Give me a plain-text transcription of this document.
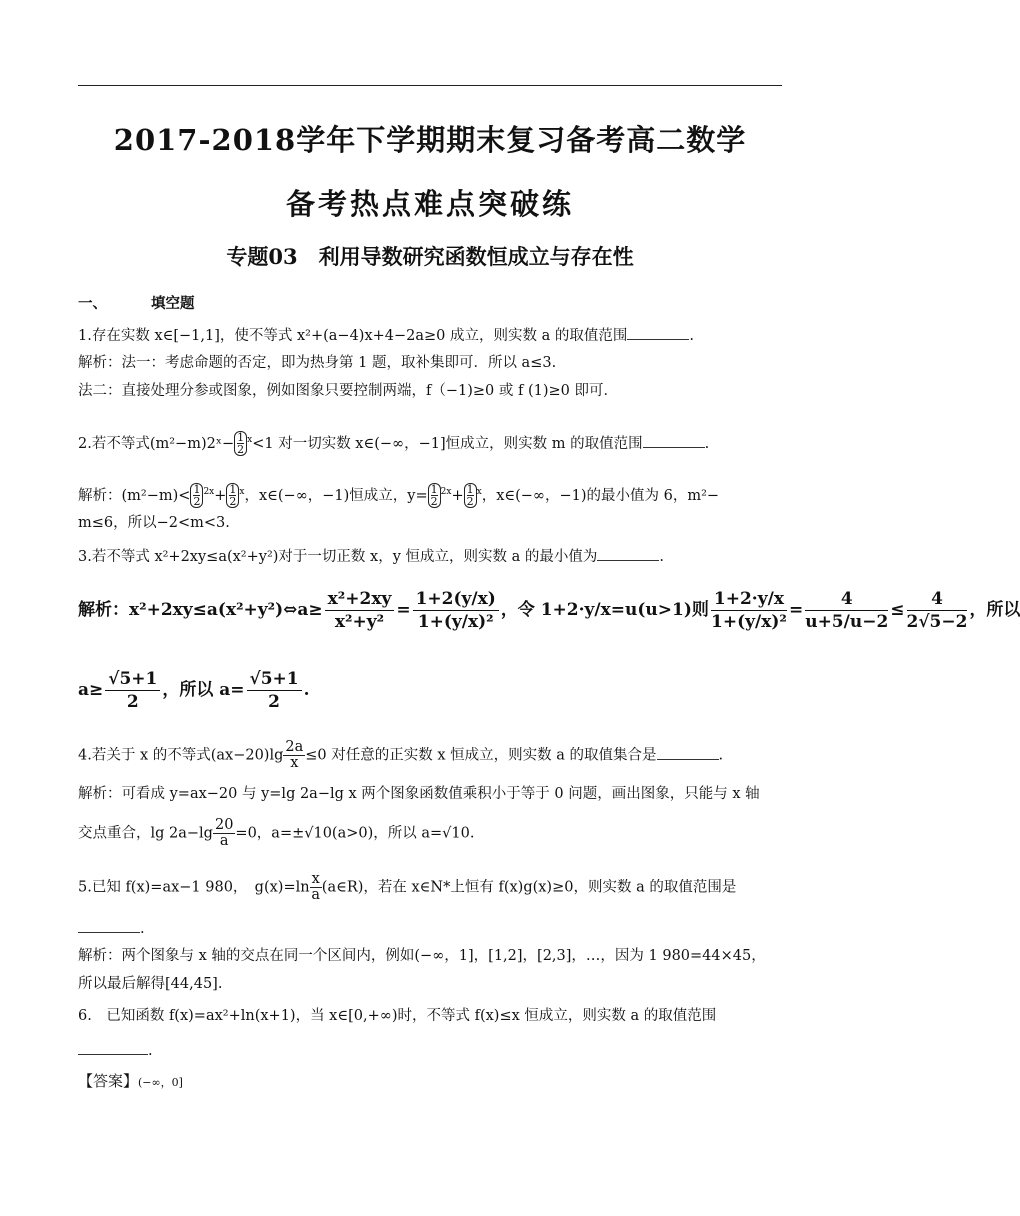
2017-2018学年下学期期末复习备考高二数学
备考热点难点突破练
专题03　利用导数研究函数恒成立与存在性
一、	填空题
1.存在实数 x∈[−1,1]，使不等式 x²+(a−4)x+4−2a≥0 成立，则实数 a 的取值范围	.
解析：法一：考虑命题的否定，即为热身第 1 题，取补集即可．所以 a≤3.
法二：直接处理分参或图象，例如图象只要控制两端，f（−1)≥0 或 f (1)≥0 即可．
2.若不等式(m²−m)2ˣ− $\frac{1}{2} ^x<1$ 对一切实数 x∈(−∞，−1]恒成立，则实数 m 的取值范围	.
解析：$(m^2-m)< \frac{1}{2} ^{2x}+ \frac{1}{2} ^x$，x∈(−∞，−1)恒成立，$y= \frac{1}{2} ^{2x}+ \frac{1}{2} ^x$，x∈(−∞，−1)的最小值为 6，m²−
m≤6，所以−2<m<3.
3.若不等式 x²+2xy≤a(x²+y²)对于一切正数 x，y 恒成立，则实数 a 的最小值为	.
解析：x²+2xy≤a(x²+y²)⇔a≥ $\frac{\text{x²+2xy}}{\text{x²+y²}} = \frac{1+2(y/x)}{\text{1+(y/x)²}}$ ，令 1+2·y/x=u(u>1)则 $\frac{1+2\cdot y/x}{\text{1+(y/x)²}} = \frac{4}{u+5/u-2} \le \frac{4}{2√5-2}$ ，所以
$a\ge \frac{√5+1}{2}$ ，所以 $a= \frac{√5+1}{2}$ .
4.若关于 x 的不等式$(ax-20)\lg \frac{2a}{x} \le 0$ 对任意的正实数 x 恒成立，则实数 a 的取值集合是	.
解析：可看成 y=ax−20 与 y=lg 2a−lg x 两个图象函数值乘积小于等于 0 问题，画出图象，只能与 x 轴
交点重合，$\lg 2a-\lg \frac{20}{a} =0$，a=±√10(a>0)，所以 a=√10.
5.已知 f(x)=ax−1 980，　$g(x)=\ln \frac{x}{a}$ (a∈R)，若在 x∈N*上恒有 f(x)g(x)≥0，则实数 a 的取值范围是
.
解析：两个图象与 x 轴的交点在同一个区间内，例如(−∞，1]，[1,2]，[2,3]，…，因为 1 980=44×45，
所以最后解得[44,45].
6.　已知函数 f(x)=ax²+ln(x+1)，当 x∈[0,+∞)时，不等式 f(x)≤x 恒成立，则实数 a 的取值范围
.
【答案】(−∞，0]
